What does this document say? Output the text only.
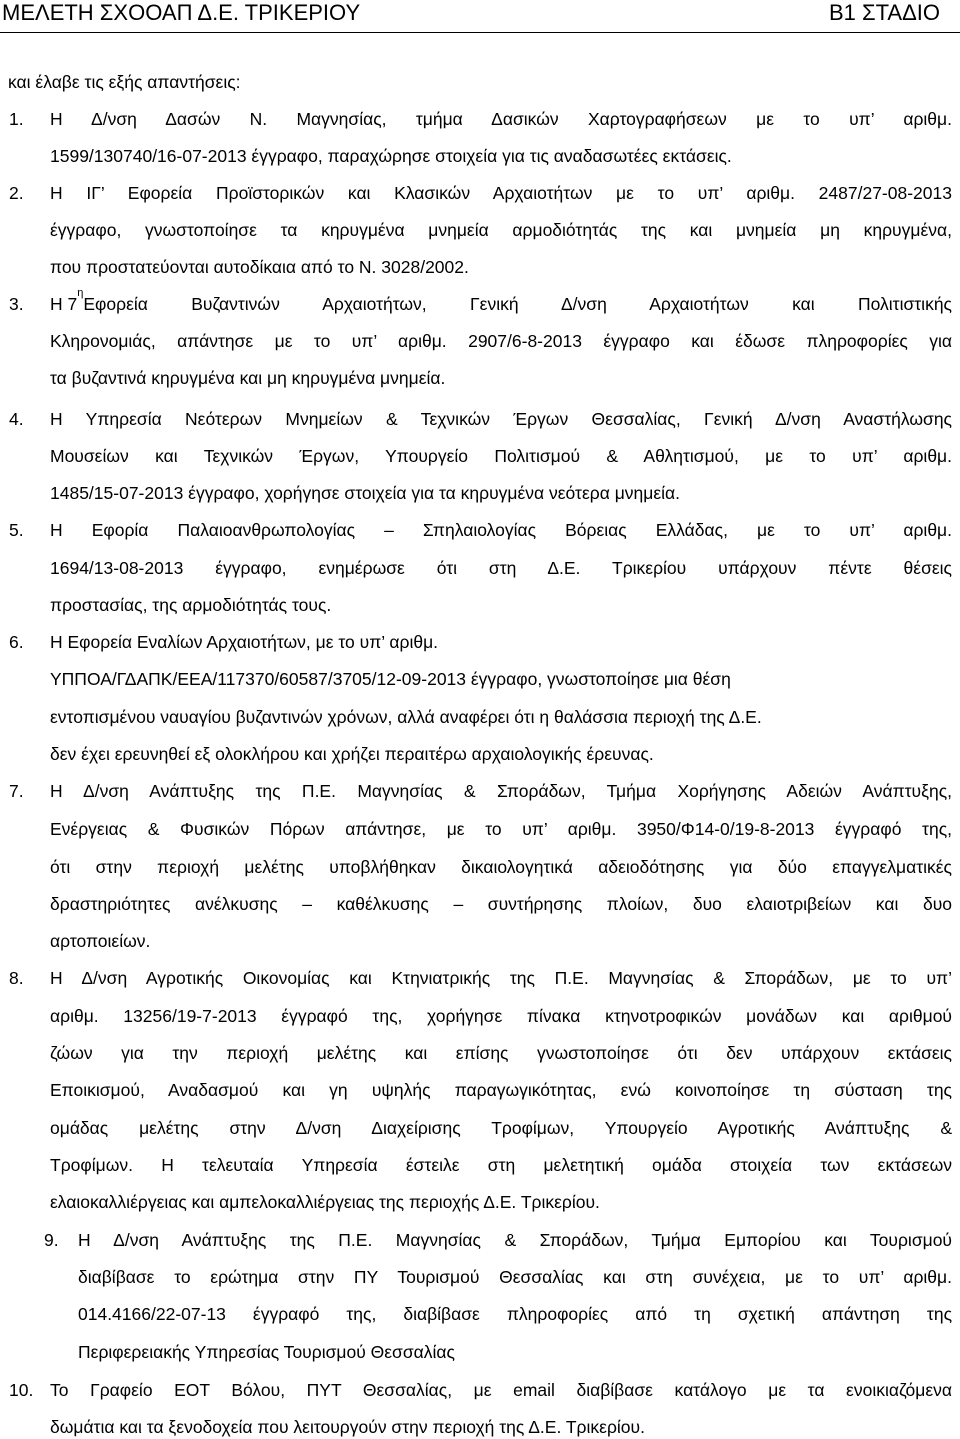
ΜΕΛΕΤΗ ΣΧΟΟΑΠ Δ.Ε. ΤΡΙΚΕΡΙΟΥ	Β1 ΣΤΑΔΙΟ
και έλαβε τις εξής απαντήσεις:
1. Η Δ/νση Δασών Ν. Μαγνησίας, τμήμα Δασικών Χαρτογραφήσεων με το υπ’ αριθμ.
1599/130740/16-07-2013 έγγραφο, παραχώρησε στοιχεία για τις αναδασωτέες εκτάσεις.
2. Η ΙΓ’ Εφορεία Προϊστορικών και Κλασικών Αρχαιοτήτων με το υπ’ αριθμ. 2487/27-08-2013
έγγραφο, γνωστοποίησε τα κηρυγμένα μνημεία αρμοδιότητάς της και μνημεία μη κηρυγμένα,
που προστατεύονται αυτοδίκαια από το Ν. 3028/2002.
3. Η 7
η
Εφορεία Βυζαντινών Αρχαιοτήτων, Γενική Δ/νση Αρχαιοτήτων και Πολιτιστικής
Κληρονομιάς, απάντησε με το υπ’ αριθμ. 2907/6-8-2013 έγγραφο και έδωσε πληροφορίες για
τα βυζαντινά κηρυγμένα και μη κηρυγμένα μνημεία.
4. Η Υπηρεσία Νεότερων Μνημείων & Τεχνικών Έργων Θεσσαλίας, Γενική Δ/νση Αναστήλωσης
Μουσείων και Τεχνικών Έργων, Υπουργείο Πολιτισμού & Αθλητισμού, με το υπ’ αριθμ.
1485/15-07-2013 έγγραφο, χορήγησε στοιχεία για τα κηρυγμένα νεότερα μνημεία.
5. Η Εφορία Παλαιοανθρωπολογίας – Σπηλαιολογίας Βόρειας Ελλάδας, με το υπ’ αριθμ.
1694/13-08-2013 έγγραφο, ενημέρωσε ότι στη Δ.Ε. Τρικερίου υπάρχουν πέντε θέσεις
προστασίας, της αρμοδιότητάς τους.
6. Η Εφορεία Εναλίων Αρχαιοτήτων, με το υπ’ αριθμ.
ΥΠΠΟΑ/ΓΔΑΠΚ/ΕΕΑ/117370/60587/3705/12-09-2013 έγγραφο, γνωστοποίησε μια θέση
εντοπισμένου ναυαγίου βυζαντινών χρόνων, αλλά αναφέρει ότι η θαλάσσια περιοχή της Δ.Ε.
δεν έχει ερευνηθεί εξ ολοκλήρου και χρήζει περαιτέρω αρχαιολογικής έρευνας.
7. Η Δ/νση Ανάπτυξης της Π.Ε. Μαγνησίας & Σποράδων, Τμήμα Χορήγησης Αδειών Ανάπτυξης,
Ενέργειας & Φυσικών Πόρων απάντησε, με το υπ’ αριθμ. 3950/Φ14-0/19-8-2013 έγγραφό της,
ότι στην περιοχή μελέτης υποβλήθηκαν δικαιολογητικά αδειοδότησης για δύο επαγγελματικές
δραστηριότητες ανέλκυσης – καθέλκυσης – συντήρησης πλοίων, δυο ελαιοτριβείων και δυο
αρτοποιείων.
8. Η Δ/νση Αγροτικής Οικονομίας και Κτηνιατρικής της Π.Ε. Μαγνησίας & Σποράδων, με το υπ’
αριθμ. 13256/19-7-2013 έγγραφό της, χορήγησε πίνακα κτηνοτροφικών μονάδων και αριθμού
ζώων για την περιοχή μελέτης και επίσης γνωστοποίησε ότι δεν υπάρχουν εκτάσεις
Εποικισμού, Αναδασμού και γη υψηλής παραγωγικότητας, ενώ κοινοποίησε τη σύσταση της
ομάδας μελέτης στην Δ/νση Διαχείρισης Τροφίμων, Υπουργείο Αγροτικής Ανάπτυξης &
Τροφίμων. Η τελευταία Υπηρεσία έστειλε στη μελετητική ομάδα στοιχεία των εκτάσεων
ελαιοκαλλιέργειας και αμπελοκαλλιέργειας της περιοχής Δ.Ε. Τρικερίου.
9. Η Δ/νση Ανάπτυξης της Π.Ε. Μαγνησίας & Σποράδων, Τμήμα Εμπορίου και Τουρισμού
διαβίβασε το ερώτημα στην ΠΥ Τουρισμού Θεσσαλίας και στη συνέχεια, με το υπ’ αριθμ.
014.4166/22-07-13 έγγραφό της, διαβίβασε πληροφορίες από τη σχετική απάντηση της
Περιφερειακής Υπηρεσίας Τουρισμού Θεσσαλίας
10. Το Γραφείο ΕΟΤ Βόλου, ΠΥΤ Θεσσαλίας, με email διαβίβασε κατάλογο με τα ενοικιαζόμενα
δωμάτια και τα ξενοδοχεία που λειτουργούν στην περιοχή της Δ.Ε. Τρικερίου.
